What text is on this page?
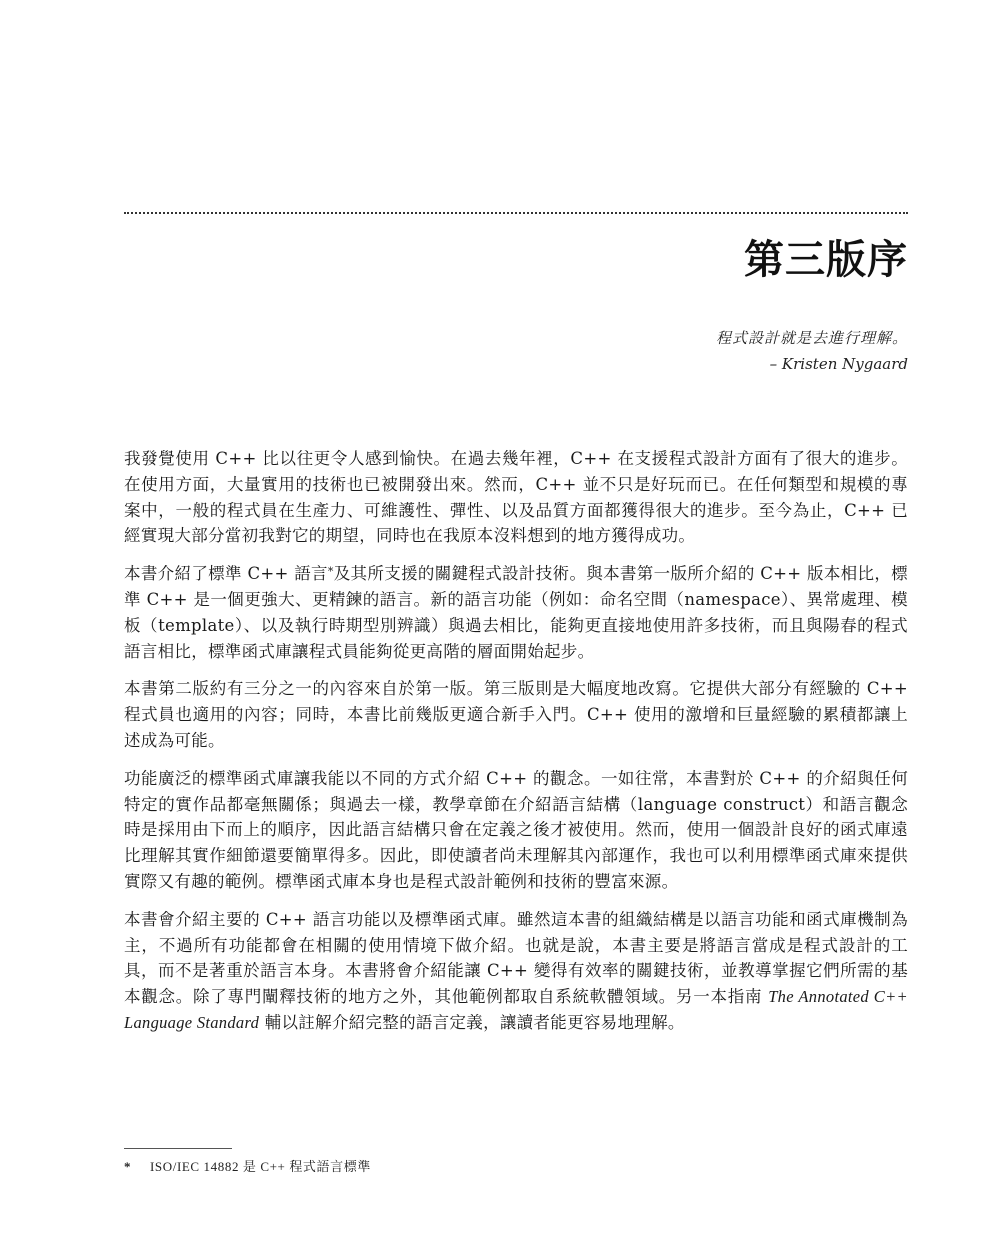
第三版序
程式設計就是去進行理解。
– Kristen Nygaard

我發覺使用 C++ 比以往更令人感到愉快。在過去幾年裡，C++ 在支援程式設計方面有了很大的進步。在使用方面，大量實用的技術也已被開發出來。然而，C++ 並不只是好玩而已。在任何類型和規模的專案中，一般的程式員在生產力、可維護性、彈性、以及品質方面都獲得很大的進步。至今為止，C++ 已經實現大部分當初我對它的期望，同時也在我原本沒料想到的地方獲得成功。

本書介紹了標準 C++ 語言*及其所支援的關鍵程式設計技術。與本書第一版所介紹的 C++ 版本相比，標準 C++ 是一個更強大、更精鍊的語言。新的語言功能（例如：命名空間（namespace）、異常處理、模板（template）、以及執行時期型別辨識）與過去相比，能夠更直接地使用許多技術，而且與陽春的程式語言相比，標準函式庫讓程式員能夠從更高階的層面開始起步。

本書第二版約有三分之一的內容來自於第一版。第三版則是大幅度地改寫。它提供大部分有經驗的 C++ 程式員也適用的內容；同時，本書比前幾版更適合新手入門。C++ 使用的激增和巨量經驗的累積都讓上述成為可能。

功能廣泛的標準函式庫讓我能以不同的方式介紹 C++ 的觀念。一如往常，本書對於 C++ 的介紹與任何特定的實作品都毫無關係；與過去一樣，教學章節在介紹語言結構（language construct）和語言觀念時是採用由下而上的順序，因此語言結構只會在定義之後才被使用。然而，使用一個設計良好的函式庫遠比理解其實作細節還要簡單得多。因此，即使讀者尚未理解其內部運作，我也可以利用標準函式庫來提供實際又有趣的範例。標準函式庫本身也是程式設計範例和技術的豐富來源。

本書會介紹主要的 C++ 語言功能以及標準函式庫。雖然這本書的組織結構是以語言功能和函式庫機制為主，不過所有功能都會在相關的使用情境下做介紹。也就是說，本書主要是將語言當成是程式設計的工具，而不是著重於語言本身。本書將會介紹能讓 C++ 變得有效率的關鍵技術，並教導掌握它們所需的基本觀念。除了專門闡釋技術的地方之外，其他範例都取自系統軟體領域。另一本指南 The Annotated C++ Language Standard 輔以註解介紹完整的語言定義，讓讀者能更容易地理解。

* ISO/IEC 14882 是 C++ 程式語言標準
